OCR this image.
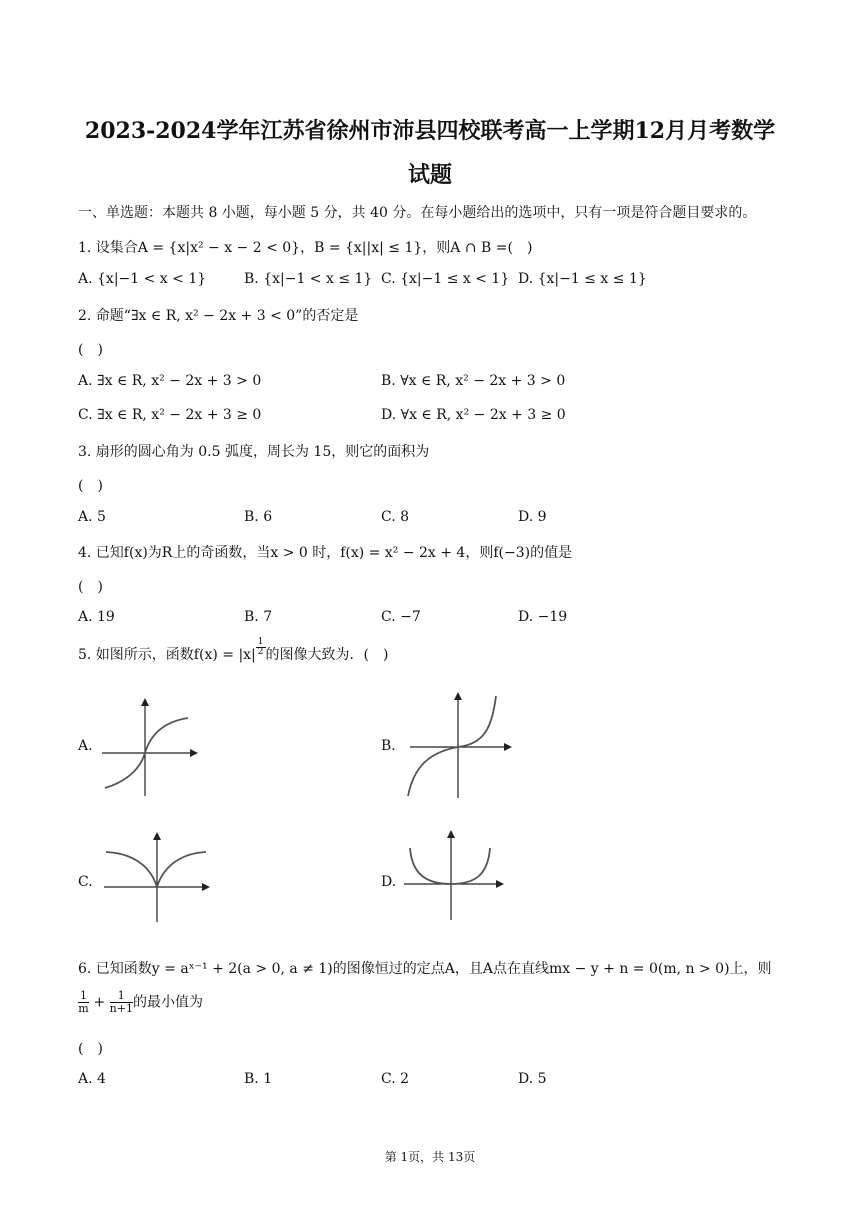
2023-2024学年江苏省徐州市沛县四校联考高一上学期12月月考数学
试题
一、单选题：本题共 8 小题，每小题 5 分，共 40 分。在每小题给出的选项中，只有一项是符合题目要求的。
1. 设集合A = {x|x² − x − 2 < 0}，B = {x||x| ≤ 1}，则A ∩ B =(　)
A. {x|−1 < x < 1}	B. {x|−1 < x ≤ 1} C. {x|−1 ≤ x < 1} D. {x|−1 ≤ x ≤ 1}
2. 命题“∃x ∈ R, x² − 2x + 3 < 0”的否定是
(　)
A. ∃x ∈ R, x² − 2x + 3 > 0	B. ∀x ∈ R, x² − 2x + 3 > 0
C. ∃x ∈ R, x² − 2x + 3 ≥ 0	D. ∀x ∈ R, x² − 2x + 3 ≥ 0
3. 扇形的圆心角为 0.5 弧度，周长为 15，则它的面积为
(　)
A. 5	B. 6	C. 8	D. 9
4. 已知f(x)为R上的奇函数，当x > 0 时，f(x) = x² − 2x + 4，则f(−3)的值是
(　)
A. 19	B. 7	C. −7	D. −19
5. 如图所示，函数f(x) = |x| $^{\frac{1}{2}}$ 的图像大致为．(　)
A.	B.
C.	D.
6. 已知函数y = aˣ⁻¹ + 2(a > 0, a ≠ 1)的图像恒过的定点A，且A点在直线mx − y + n = 0(m, n > 0)上，则
$\frac{1}{m} + \frac{1}{n+1}$ 的最小值为
(　)
A. 4	B. 1	C. 2	D. 5
第 1页，共 13页
